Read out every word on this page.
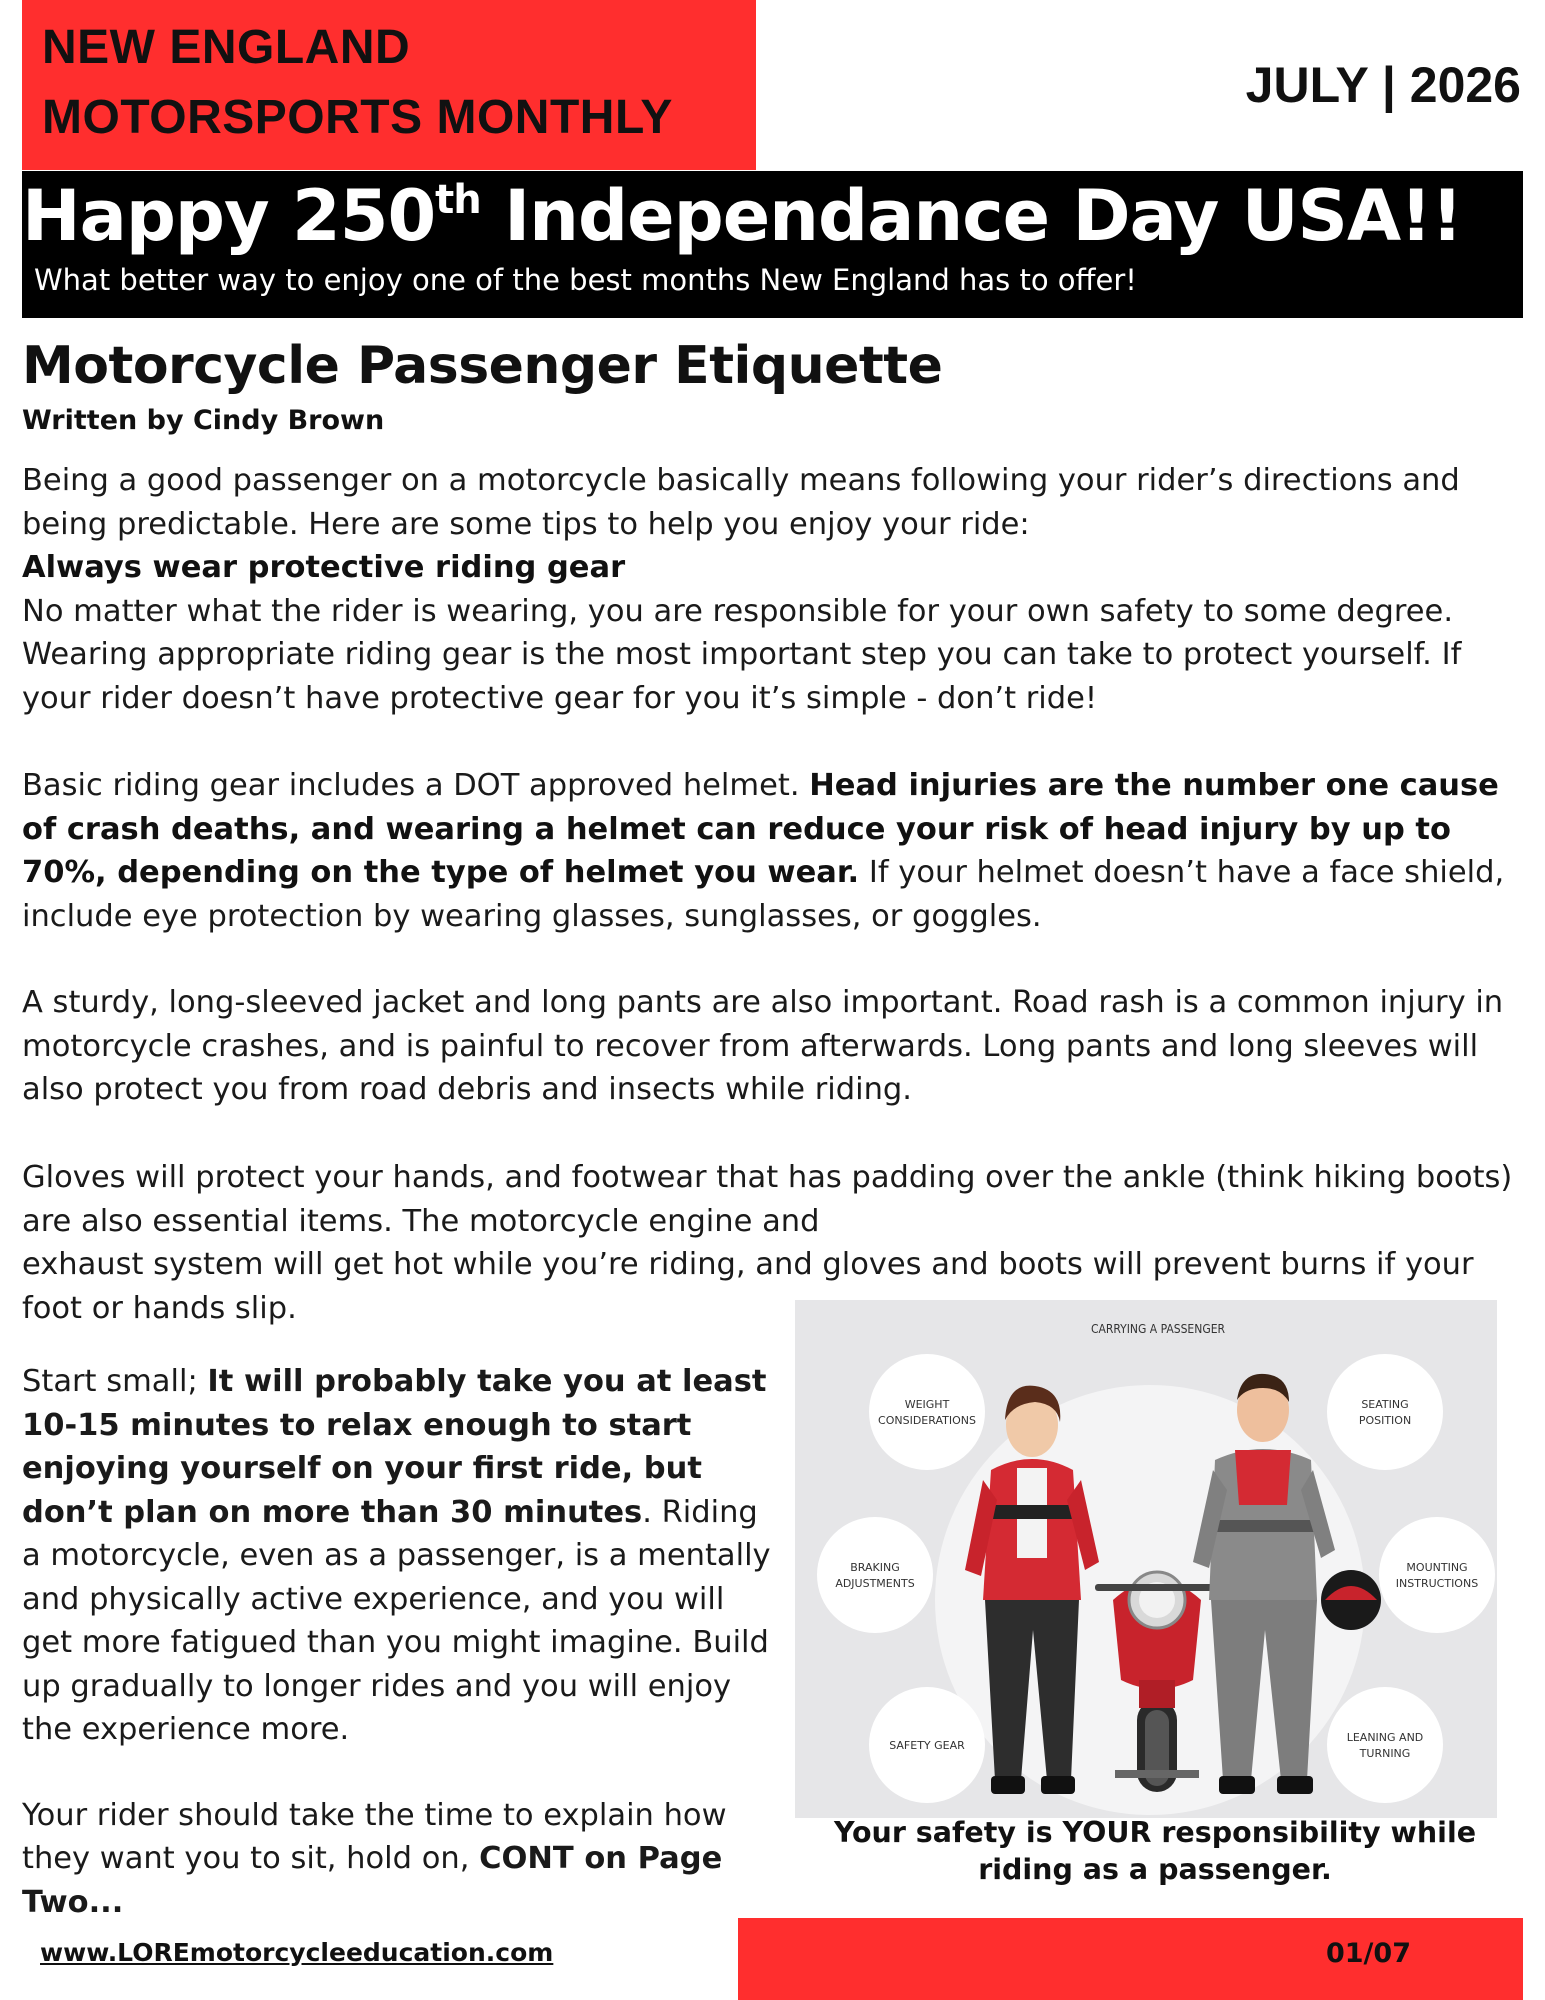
NEW ENGLAND
MOTORSPORTS MONTHLY
JULY | 2026
Happy 250th Independance Day USA!!
What better way to enjoy one of the best months New England has to offer!
Motorcycle Passenger Etiquette
Written by Cindy Brown

Being a good passenger on a motorcycle basically means following your rider’s directions and being predictable. Here are some tips to help you enjoy your ride:
Always wear protective riding gear
No matter what the rider is wearing, you are responsible for your own safety to some degree. Wearing appropriate riding gear is the most important step you can take to protect yourself. If your rider doesn’t have protective gear for you it’s simple - don’t ride!

Basic riding gear includes a DOT approved helmet. Head injuries are the number one cause of crash deaths, and wearing a helmet can reduce your risk of head injury by up to 70%, depending on the type of helmet you wear. If your helmet doesn’t have a face shield, include eye protection by wearing glasses, sunglasses, or goggles.

A sturdy, long-sleeved jacket and long pants are also important. Road rash is a common injury in motorcycle crashes, and is painful to recover from afterwards. Long pants and long sleeves will also protect you from road debris and insects while riding.

Gloves will protect your hands, and footwear that has padding over the ankle (think hiking boots) are also essential items. The motorcycle engine and
exhaust system will get hot while you’re riding, and gloves and boots will prevent burns if your foot or hands slip.

Start small; It will probably take you at least 10-15 minutes to relax enough to start enjoying yourself on your first ride, but don’t plan on more than 30 minutes. Riding a motorcycle, even as a passenger, is a mentally and physically active experience, and you will get more fatigued than you might imagine. Build up gradually to longer rides and you will enjoy the experience more.

Your rider should take the time to explain how they want you to sit, hold on, CONT on Page Two...

CARRYING A PASSENGER
WEIGHT
CONSIDERATIONS
SEATING
POSITION
BRAKING
ADJUSTMENTS
MOUNTING
INSTRUCTIONS
SAFETY GEAR
LEANING AND
TURNING
Your safety is YOUR responsibility while riding as a passenger.
www.LOREmotorcycleeducation.com	01/07
